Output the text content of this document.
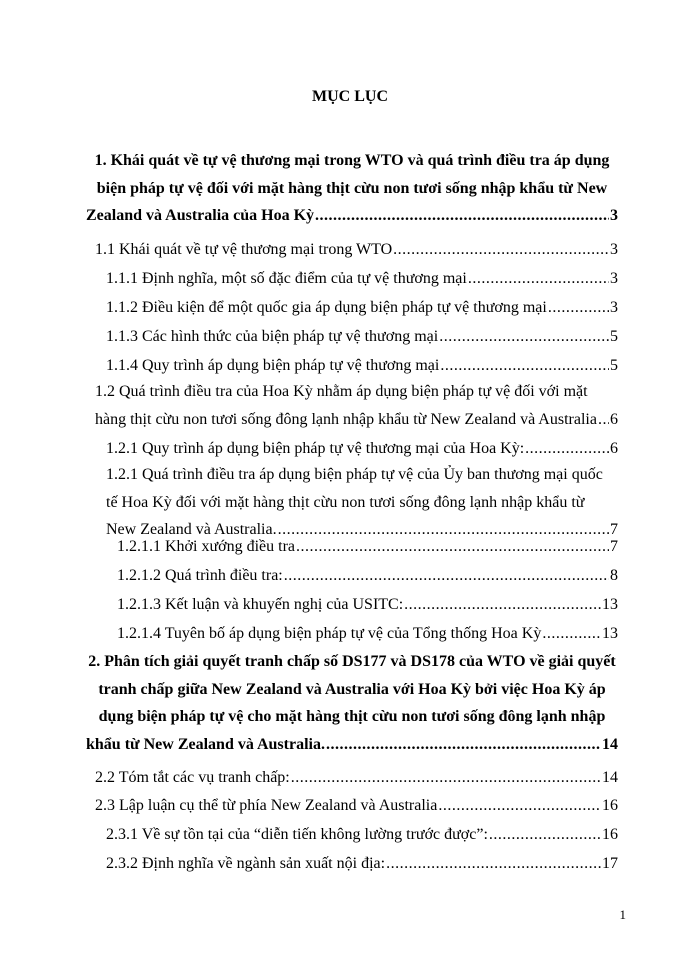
MỤC LỤC
1. Khái quát về tự vệ thương mại trong WTO và quá trình điều tra áp dụng
biện pháp tự vệ đối với mặt hàng thịt cừu non tươi sống nhập khẩu từ New
Zealand và Australia của Hoa Kỳ .....	3
1.1 Khái quát về tự vệ thương mại trong WTO .....	3
1.1.1 Định nghĩa, một số đặc điểm của tự vệ thương mại .....	3
1.1.2 Điều kiện để một quốc gia áp dụng biện pháp tự vệ thương mại .....	3
1.1.3 Các hình thức của biện pháp tự vệ thương mại .....	5
1.1.4 Quy trình áp dụng biện pháp tự vệ thương mại .....	5
1.2 Quá trình điều tra của Hoa Kỳ nhằm áp dụng biện pháp tự vệ đối với mặt
hàng thịt cừu non tươi sống đông lạnh nhập khẩu từ New Zealand và Australia ..... 6
1.2.1 Quy trình áp dụng biện pháp tự vệ thương mại của Hoa Kỳ: .....	6
1.2.1 Quá trình điều tra áp dụng biện pháp tự vệ của Ủy ban thương mại quốc
tế Hoa Kỳ đối với mặt hàng thịt cừu non tươi sống đông lạnh nhập khẩu từ
New Zealand và Australia. .....	7
1.2.1.1 Khởi xướng điều tra .....	7
1.2.1.2 Quá trình điều tra: .....	8
1.2.1.3 Kết luận và khuyến nghị của USITC: .....	13
1.2.1.4 Tuyên bố áp dụng biện pháp tự vệ của Tổng thống Hoa Kỳ .....	13
2. Phân tích giải quyết tranh chấp số DS177 và DS178 của WTO về giải quyết
tranh chấp giữa New Zealand và Australia với Hoa Kỳ bởi việc Hoa Kỳ áp
dụng biện pháp tự vệ cho mặt hàng thịt cừu non tươi sống đông lạnh nhập
khẩu từ New Zealand và Australia. .....	14
2.2 Tóm tắt các vụ tranh chấp: .....	14
2.3 Lập luận cụ thể từ phía New Zealand và Australia .....	16
2.3.1 Về sự tồn tại của “diễn tiến không lường trước được”: .....	16
2.3.2 Định nghĩa về ngành sản xuất nội địa: .....	17
1
